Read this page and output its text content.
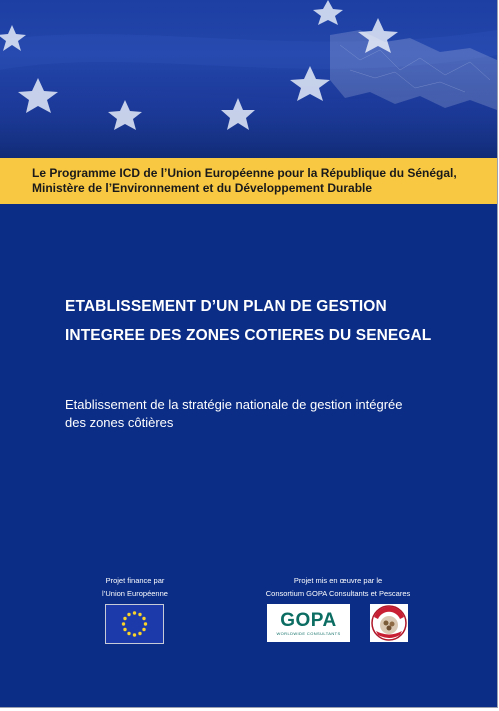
Le Programme ICD de l’Union Européenne pour la République du Sénégal,
Ministère de l’Environnement et du Développement Durable
ETABLISSEMENT D’UN PLAN DE GESTION
INTEGREE DES ZONES COTIERES DU SENEGAL
Etablissement de la stratégie nationale de gestion intégrée
des zones côtières
Projet finance par
l’Union Européenne
Projet mis en œuvre par le
Consortium GOPA Consultants et Pescares
GOPA
WORLDWIDE CONSULTANTS
